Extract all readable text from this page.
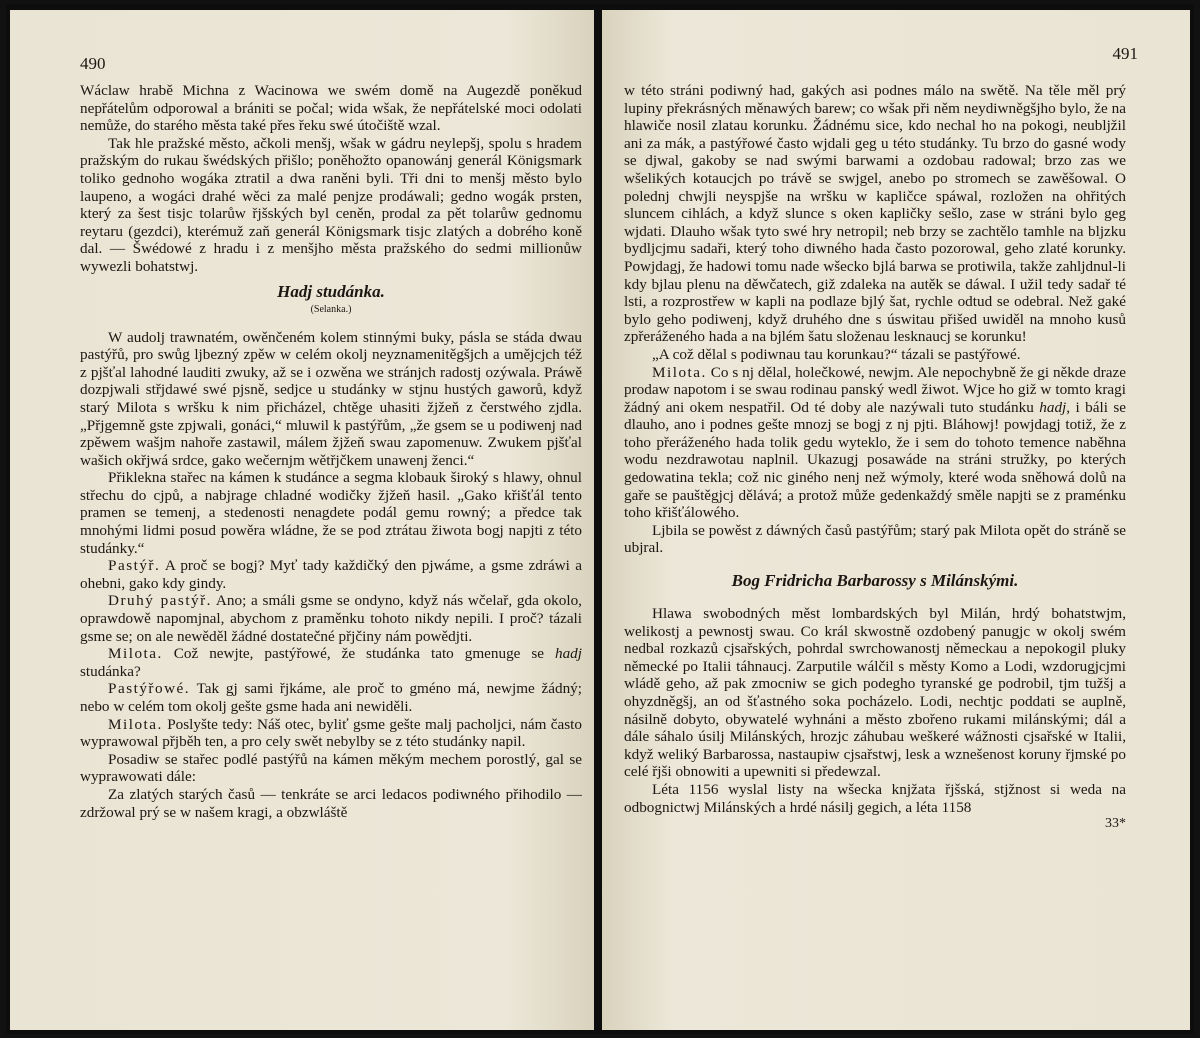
490

Wáclaw hrabě Michna z Wacinowa we swém domě na Augezdě poněkud nepřátelům odporowal a brániti se počal; wida wšak, že nepřátelské moci odolati nemůže, do starého města také přes řeku swé útočiště wzal.

Tak hle pražské město, ačkoli menšj, wšak w gádru neylepšj, spolu s hradem pražským do rukau šwédských přišlo; poněhožto opanowánj generál Königsmark toliko gednoho wogáka ztratil a dwa raněni byli. Tři dni to menšj město bylo laupeno, a wogáci drahé wěci za malé penjze prodáwali; gedno wogák prsten, který za šest tisjc tolarůw řjšských byl ceněn, prodal za pět tolarůw gednomu reytaru (gezdci), kterémuž zaň generál Königsmark tisjc zlatých a dobrého koně dal. — Šwédowé z hradu i z menšjho města pražského do sedmi millionůw wywezli bohatstwj.

Hadj studánka.
(Selanka.)

W audolj trawnatém, owěnčeném kolem stinnými buky, pásla se stáda dwau pastýřů, pro swůg ljbezný zpěw w celém okolj neyznamenitěgšjch a umějcjch též z pjšťal lahodné lauditi zwuky, až se i ozwěna we stránjch radostj ozýwala. Práwě dozpjwali střjdawé swé pjsně, sedjce u studánky w stjnu hustých gaworů, když starý Milota s wršku k nim přicházel, chtěge uhasiti žjžeň z čerstwého zjdla. „Přjgemně gste zpjwali, gonáci,“ mluwil k pastýřům, „že gsem se u podiwenj nad zpěwem wašjm nahoře zastawil, málem žjžeň swau zapomenuw. Zwukem pjšťal wašich okřjwá srdce, gako wečernjm wětřjčkem unawenj ženci.“

Přiklekna stařec na kámen k studánce a segma klobauk široký s hlawy, ohnul střechu do cjpů, a nabjrage chladné wodičky žjžeň hasil. „Gako křišťál tento pramen se temenj, a stedenosti nenagdete podál gemu rowný; a předce tak mnohými lidmi posud powěra wládne, že se pod ztrátau žiwota bogj napjti z této studánky.“

Pastýř. A proč se bogj? Myť tady každičký den pjwáme, a gsme zdráwi a ohebni, gako kdy gindy.

Druhý pastýř. Ano; a smáli gsme se ondyno, když nás wčelař, gda okolo, oprawdowě napomjnal, abychom z praměnku tohoto nikdy nepili. I proč? tázali gsme se; on ale newěděl žádné dostatečné přjčiny nám powědjti.

Milota. Což newjte, pastýřowé, že studánka tato gmenuge se hadj studánka?

Pastýřowé. Tak gj sami řjkáme, ale proč to gméno má, newjme žádný; nebo w celém tom okolj gešte gsme hada ani newiděli.

Milota. Poslyšte tedy: Náš otec, byliť gsme gešte malj pacholjci, nám často wyprawowal přjběh ten, a pro cely swět nebylby se z této studánky napil.

Posadiw se stařec podlé pastýřů na kámen měkým mechem porostlý, gal se wyprawowati dále:

Za zlatých starých časů — tenkráte se arci ledacos podiwného přihodilo — zdržowal prý se w našem kragi, a obzwláště

491

w této stráni podiwný had, gakých asi podnes málo na swětě. Na těle měl prý lupiny překrásných měnawých barew; co wšak při něm neydiwněgšjho bylo, že na hlawiče nosil zlatau korunku. Žádnému sice, kdo nechal ho na pokogi, neubljžil ani za mák, a pastýřowé často wjdali geg u této studánky. Tu brzo do gasné wody se djwal, gakoby se nad swými barwami a ozdobau radowal; brzo zas we wšelikých kotaucjch po trávě se swjgel, anebo po stromech se zawěšowal. O polednj chwjli neyspjše na wršku w kapličce spáwal, rozložen na ohřitých sluncem cihlách, a když slunce s oken kapličky sešlo, zase w stráni bylo geg wjdati. Dlauho wšak tyto swé hry netropil; neb brzy se zachtělo tamhle na bljzku bydljcjmu sadaři, který toho diwného hada často pozorowal, geho zlaté korunky. Powjdagj, že hadowi tomu nade wšecko bjlá barwa se protiwila, takže zahljdnul-li kdy bjlau plenu na děwčatech, giž zdaleka na autěk se dáwal. I užil tedy sadař té lsti, a rozprostřew w kapli na podlaze bjlý šat, rychle odtud se odebral. Než gaké bylo geho podiwenj, když druhého dne s úswitau přišed uwiděl na mnoho kusů zpřeráženého hada a na bjlém šatu složenau lesknaucj se korunku!

„A což dělal s podiwnau tau korunkau?“ tázali se pastýřowé.

Milota. Co s nj dělal, holečkowé, newjm. Ale nepochybně že gi někde draze prodaw napotom i se swau rodinau panský wedl žiwot. Wjce ho giž w tomto kragi žádný ani okem nespatřil. Od té doby ale nazýwali tuto studánku hadj, i báli se dlauho, ano i podnes gešte mnozj se bogj z nj pjti. Bláhowj! powjdagj totiž, že z toho přeráženého hada tolik gedu wyteklo, že i sem do tohoto temence naběhna wodu nezdrawotau naplnil. Ukazugj posawáde na stráni stružky, po kterých gedowatina tekla; což nic giného nenj než wýmoly, které woda sněhowá dolů na gaře se pauštěgjcj dělává; a protož může gedenkaždý směle napjti se z praménku toho křišťálowého.

Ljbila se powěst z dáwných časů pastýřům; starý pak Milota opět do stráně se ubjral.

Bog Fridricha Barbarossy s Milánskými.

Hlawa swobodných měst lombardských byl Milán, hrdý bohatstwjm, welikostj a pewnostj swau. Co král skwostně ozdobený panugjc w okolj swém nedbal rozkazů cjsařských, pohrdal swrchowanostj německau a nepokogil pluky německé po Italii táhnaucj. Zarputile wálčil s městy Komo a Lodi, wzdorugjcjmi wládě geho, až pak zmocniw se gich podegho tyranské ge podrobil, tjm tužšj a ohyzdněgšj, an od šťastného soka pocházelo. Lodi, nechtjc poddati se auplně, násilně dobyto, obywatelé wyhnáni a město zbořeno rukami milánskými; dál a dále sáhalo úsilj Milánských, hrozjc záhubau weškeré wážnosti cjsařské w Italii, když weliký Barbarossa, nastaupiw cjsařstwj, lesk a wznešenost koruny řjmské po celé řjši obnowiti a upewniti si předewzal.

Léta 1156 wyslal listy na wšecka knjžata řjšská, stjžnost si weda na odbognictwj Milánských a hrdé násilj gegich, a léta 1158

33*
